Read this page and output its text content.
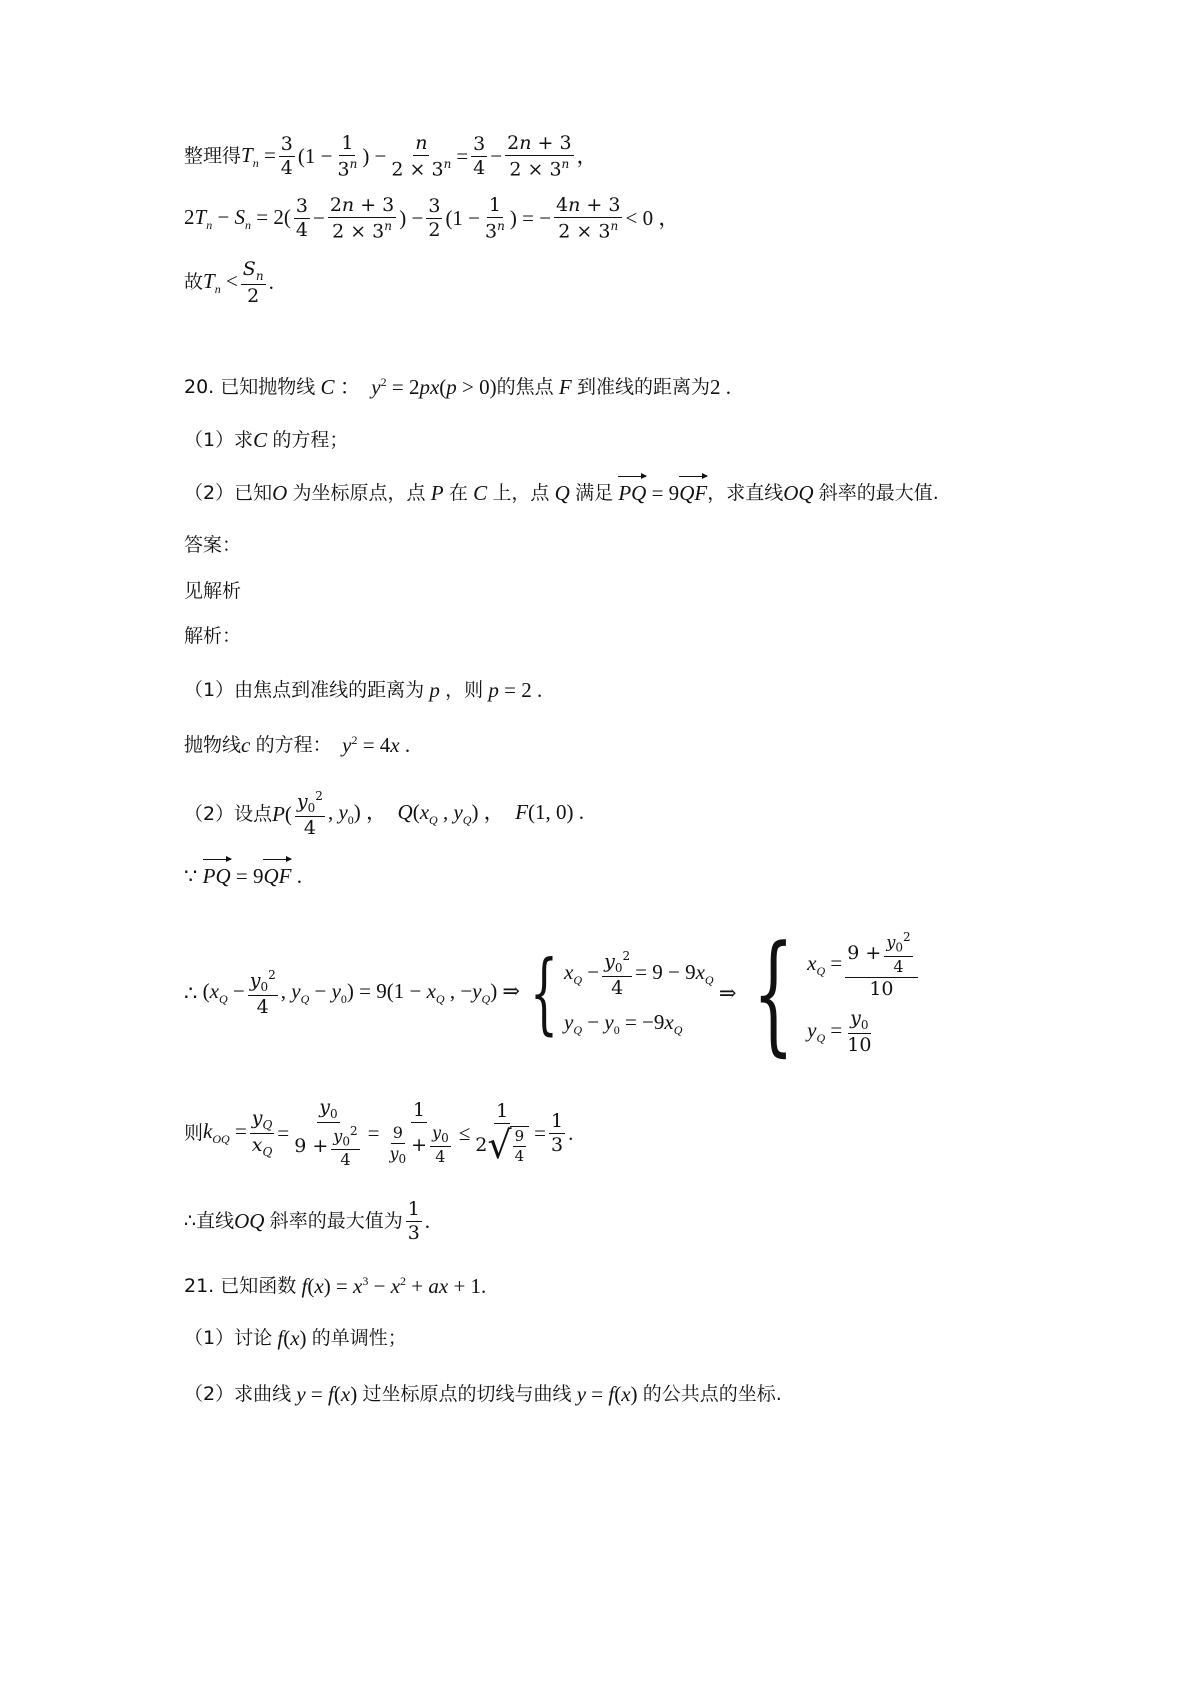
整理得 $T_n = \frac{3}{4} (1 - \frac{1}{3^n}$ ) − $\frac{n}{2 \times 3^n} = \frac{3}{4} - \frac{2n + 3}{2 \times 3^n}$ ，
$2T_n - S_n = 2( \frac{3}{4} - \frac{2n + 3}{2 \times 3^n}$ ) − $\frac{3}{2} (1 - \frac{1}{3^n}$ ) = − $\frac{4n + 3}{2 \times 3^n} < 0$ ，
故 $T_n < \frac{S_n}{2}$ .
20. 已知抛物线 C ：  $y^2 = 2px(p > 0)$ 的焦点 F 到准线的距离为 2 .
（1）求 C 的方程；
（2）已知 O 为坐标原点，点 P 在 C 上，点 Q 满足 PQ = 9QF ，求直线 OQ 斜率的最大值.
答案：
见解析
解析：
（1）由焦点到准线的距离为 p ，则 p = 2 .
抛物线 c 的方程： $y^2 = 4x$ .
（2）设点 P ( $\frac{y_0^2}{4}$ , $y_0$) ，  $Q(x_Q$ , $y_Q$) ，  F(1, 0) .
∵ PQ = 9QF .
∴ ($x_Q - \frac{y_0^2}{4}$ , $y_Q - y_0) = 9(1 - x_Q$ , $-y_Q$) ⇒ { $x_Q - \frac{y_0^2}{4} = 9 - 9x_Q$
$y_Q - y_0 = -9x_Q$
⇒ { $x_Q = \frac{9 + \frac{y_0^2}{4}}{10}$
$y_Q = \frac{y_0}{10}$
则 $k_{OQ} = \frac{y_Q}{x_Q} = \frac{y_0}{9 + \frac{y_0^2}{4}} = \frac{1}{\frac{9}{y_0} + \frac{y_0}{4}} \le \frac{1}{2 √ \frac{9}{4}} = \frac{1}{3}$ .
∴直线 OQ 斜率的最大值为 $\frac{1}{3}$ .
21. 已知函数 $f(x) = x^3 - x^2$ + ax + 1.
（1）讨论 f(x) 的单调性；
（2）求曲线 y = f(x) 过坐标原点的切线与曲线 y = f(x) 的公共点的坐标.
